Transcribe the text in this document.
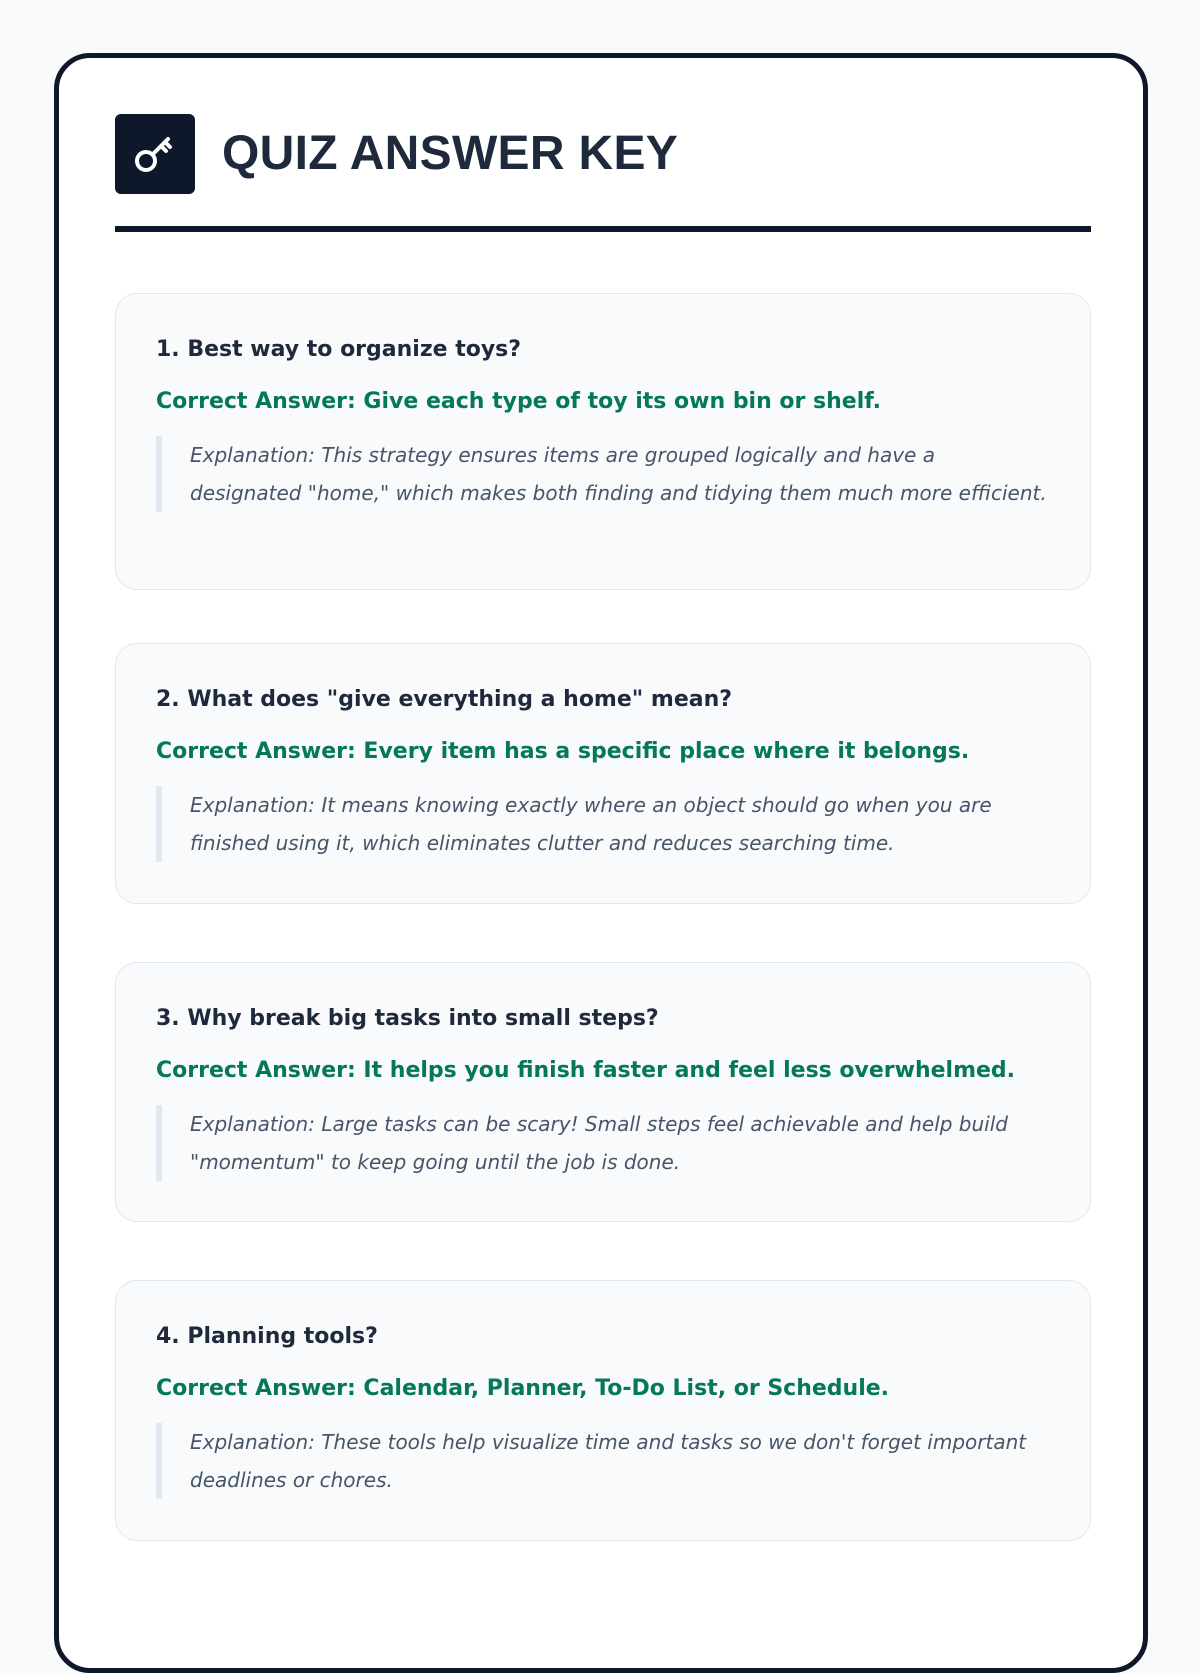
QUIZ ANSWER KEY

1. Best way to organize toys?

Correct Answer: Give each type of toy its own bin or shelf.

Explanation: This strategy ensures items are grouped logically and have a designated "home," which makes both finding and tidying them much more efficient.

2. What does "give everything a home" mean?

Correct Answer: Every item has a specific place where it belongs.

Explanation: It means knowing exactly where an object should go when you are finished using it, which eliminates clutter and reduces searching time.

3. Why break big tasks into small steps?

Correct Answer: It helps you finish faster and feel less overwhelmed.

Explanation: Large tasks can be scary! Small steps feel achievable and help build "momentum" to keep going until the job is done.

4. Planning tools?

Correct Answer: Calendar, Planner, To-Do List, or Schedule.

Explanation: These tools help visualize time and tasks so we don't forget important deadlines or chores.
